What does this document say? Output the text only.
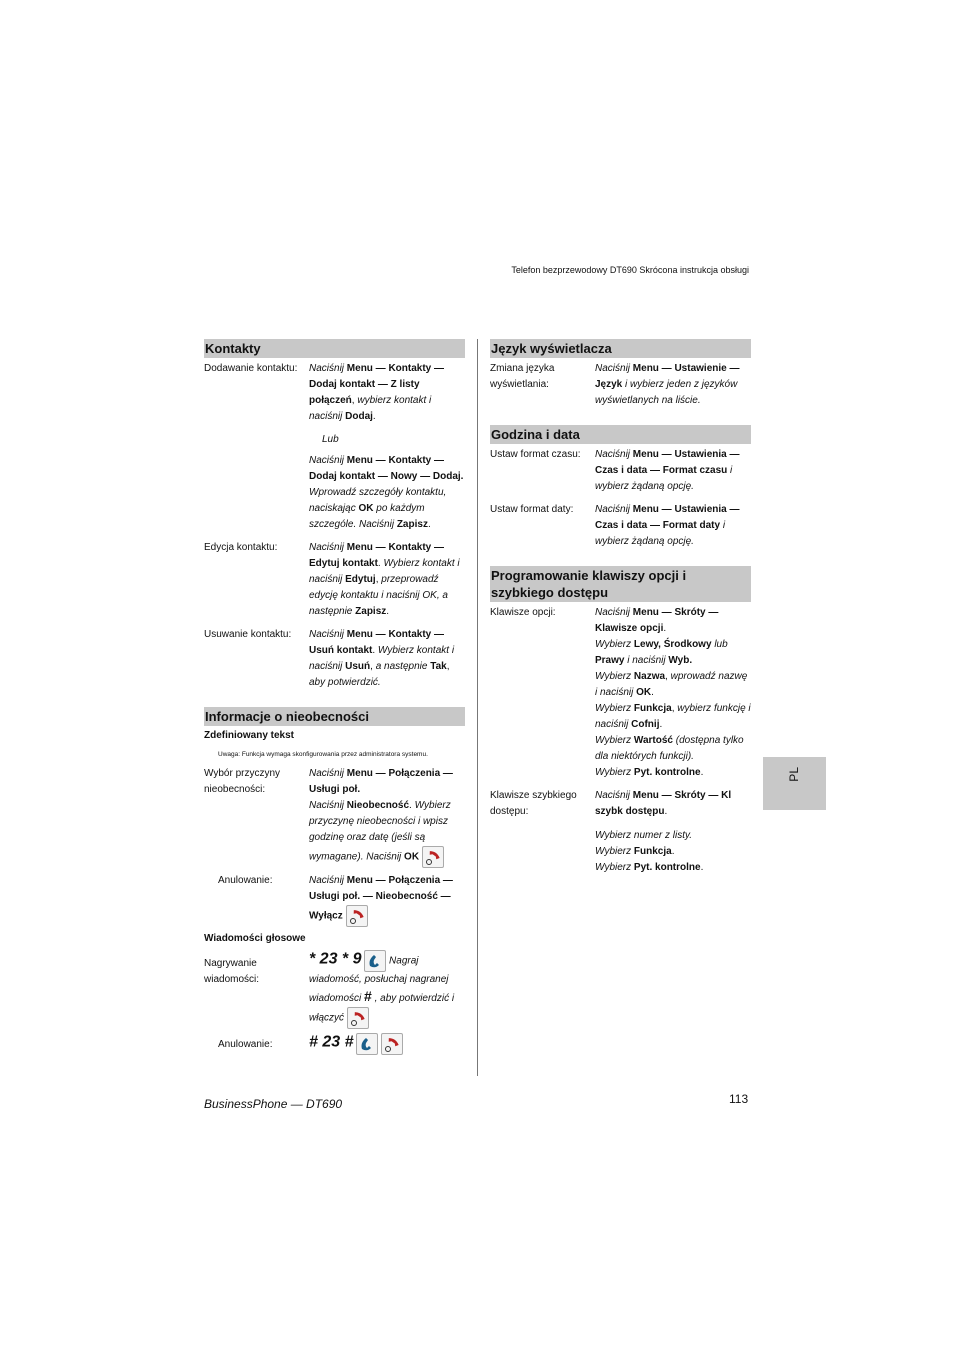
Telefon bezprzewodowy DT690 Skrócona instrukcja obsługi
Kontakty
Dodawanie kontaktu:	Naciśnij Menu — Kontakty — Dodaj kontakt — Z listy połączeń, wybierz kontakt i naciśnij Dodaj.
Lub
Naciśnij Menu — Kontakty — Dodaj kontakt — Nowy — Dodaj. Wprowadź szczegóły kontaktu, naciskając OK po każdym szczególe. Naciśnij Zapisz.
Edycja kontaktu:	Naciśnij Menu — Kontakty — Edytuj kontakt. Wybierz kontakt i naciśnij Edytuj, przeprowadź edycję kontaktu i naciśnij OK, a następnie Zapisz.
Usuwanie kontaktu:	Naciśnij Menu — Kontakty — Usuń kontakt. Wybierz kontakt i naciśnij Usuń, a następnie Tak, aby potwierdzić.
Informacje o nieobecności
Zdefiniowany tekst
Uwaga: Funkcja wymaga skonfigurowania przez administratora systemu.
Wybór przyczyny nieobecności:
Naciśnij Menu — Połączenia — Usługi poł.
Naciśnij Nieobecność. Wybierz przyczynę nieobecności i wpisz godzinę oraz datę (jeśli są wymagane). Naciśnij OK
Anulowanie:	Naciśnij Menu — Połączenia — Usługi poł. — Nieobecność — Wyłącz
Wiadomości głosowe
Nagrywanie wiadomości:
* 23 * 9	Nagraj wiadomość, posłuchaj nagranej wiadomości # , aby potwierdzić i włączyć
Anulowanie:	# 23 #

Język wyświetlacza
Zmiana języka wyświetlania:
Naciśnij Menu — Ustawienie — Język i wybierz jeden z języków wyświetlanych na liście.
Godzina i data
Ustaw format czasu:	Naciśnij Menu — Ustawienia — Czas i data — Format czasu i wybierz żądaną opcję.
Ustaw format daty:	Naciśnij Menu — Ustawienia — Czas i data — Format daty i wybierz żądaną opcję.
Programowanie klawiszy opcji i szybkiego dostępu
Klawisze opcji:	Naciśnij Menu — Skróty — Klawisze opcji.
Wybierz Lewy, Środkowy lub Prawy i naciśnij Wyb.
Wybierz Nazwa, wprowadź nazwę i naciśnij OK.
Wybierz Funkcja, wybierz funkcję i naciśnij Cofnij.
Wybierz Wartość (dostępna tylko dla niektórych funkcji).
Wybierz Pyt. kontrolne.
Klawisze szybkiego dostępu:
Naciśnij Menu — Skróty — Kl szybk dostępu.
Wybierz numer z listy.
Wybierz Funkcja.
Wybierz Pyt. kontrolne.
PL
BusinessPhone — DT690	113
